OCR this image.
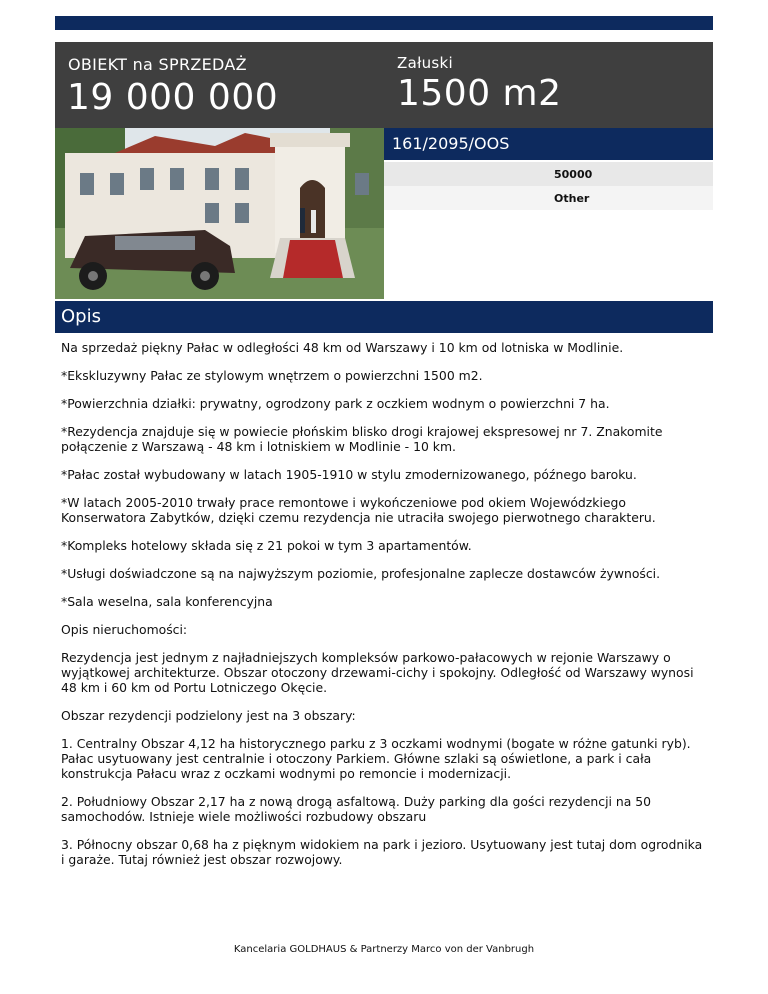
OBIEKT na SPRZEDAŻ
19 000 000
Załuski
1500 m2
161/2095/OOS
50000
Other
Opis

Na sprzedaż piękny Pałac w odległości 48 km od Warszawy i 10 km od lotniska w Modlinie.

*Ekskluzywny Pałac ze stylowym wnętrzem o powierzchni 1500 m2.

*Powierzchnia działki: prywatny, ogrodzony park z oczkiem wodnym o powierzchni 7 ha.

*Rezydencja znajduje się w powiecie płońskim blisko drogi krajowej ekspresowej nr 7. Znakomite połączenie z Warszawą - 48 km i lotniskiem w Modlinie - 10 km.

*Pałac został wybudowany w latach 1905-1910 w stylu zmodernizowanego, późnego baroku.

*W latach 2005-2010 trwały prace remontowe i wykończeniowe pod okiem Wojewódzkiego Konserwatora Zabytków, dzięki czemu rezydencja nie utraciła swojego pierwotnego charakteru.

*Kompleks hotelowy składa się z 21 pokoi w tym 3 apartamentów.

*Usługi doświadczone są na najwyższym poziomie, profesjonalne zaplecze dostawców żywności.

*Sala weselna, sala konferencyjna

Opis nieruchomości:

Rezydencja jest jednym z najładniejszych kompleksów parkowo-pałacowych w rejonie Warszawy o wyjątkowej architekturze. Obszar otoczony drzewami-cichy i spokojny. Odległość od Warszawy wynosi 48 km i 60 km od Portu Lotniczego Okęcie.

Obszar rezydencji podzielony jest na 3 obszary:

1. Centralny Obszar 4,12 ha historycznego parku z 3 oczkami wodnymi (bogate w różne gatunki ryb). Pałac usytuowany jest centralnie i otoczony Parkiem. Główne szlaki są oświetlone, a park i cała konstrukcja Pałacu wraz z oczkami wodnymi po remoncie i modernizacji.

2. Południowy Obszar 2,17 ha z nową drogą asfaltową. Duży parking dla gości rezydencji na 50 samochodów. Istnieje wiele możliwości rozbudowy obszaru

3. Północny obszar 0,68 ha z pięknym widokiem na park i jezioro. Usytuowany jest tutaj dom ogrodnika i garaże. Tutaj również jest obszar rozwojowy.

Kancelaria GOLDHAUS & Partnerzy Marco von der Vanbrugh
